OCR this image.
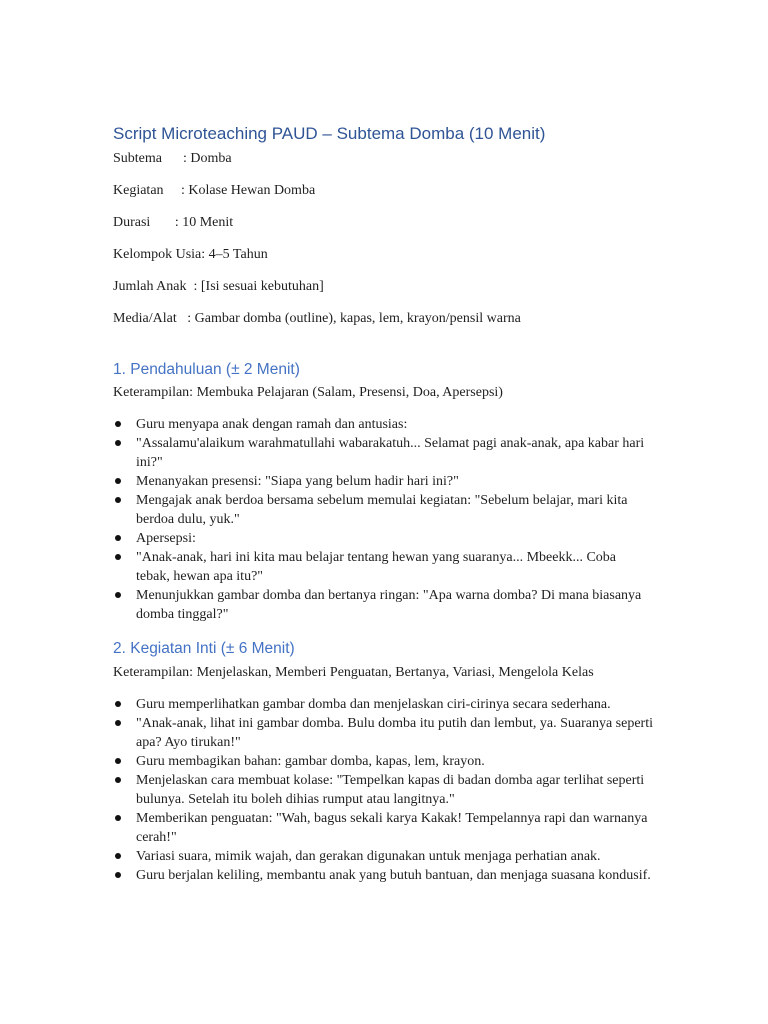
Script Microteaching PAUD – Subtema Domba (10 Menit)
Subtema      : Domba
Kegiatan     : Kolase Hewan Domba
Durasi       : 10 Menit
Kelompok Usia: 4–5 Tahun
Jumlah Anak  : [Isi sesuai kebutuhan]
Media/Alat   : Gambar domba (outline), kapas, lem, krayon/pensil warna
1. Pendahuluan (± 2 Menit)
Keterampilan: Membuka Pelajaran (Salam, Presensi, Doa, Apersepsi)
Guru menyapa anak dengan ramah dan antusias:
"Assalamu'alaikum warahmatullahi wabarakatuh... Selamat pagi anak-anak, apa kabar hari ini?"
Menanyakan presensi: "Siapa yang belum hadir hari ini?"
Mengajak anak berdoa bersama sebelum memulai kegiatan: "Sebelum belajar, mari kita berdoa dulu, yuk."
Apersepsi:
"Anak-anak, hari ini kita mau belajar tentang hewan yang suaranya... Mbeekk... Coba tebak, hewan apa itu?"
Menunjukkan gambar domba dan bertanya ringan: "Apa warna domba? Di mana biasanya domba tinggal?"
2. Kegiatan Inti (± 6 Menit)
Keterampilan: Menjelaskan, Memberi Penguatan, Bertanya, Variasi, Mengelola Kelas
Guru memperlihatkan gambar domba dan menjelaskan ciri-cirinya secara sederhana.
"Anak-anak, lihat ini gambar domba. Bulu domba itu putih dan lembut, ya. Suaranya seperti apa? Ayo tirukan!"
Guru membagikan bahan: gambar domba, kapas, lem, krayon.
Menjelaskan cara membuat kolase: "Tempelkan kapas di badan domba agar terlihat seperti bulunya. Setelah itu boleh dihias rumput atau langitnya."
Memberikan penguatan: "Wah, bagus sekali karya Kakak! Tempelannya rapi dan warnanya cerah!"
Variasi suara, mimik wajah, dan gerakan digunakan untuk menjaga perhatian anak.
Guru berjalan keliling, membantu anak yang butuh bantuan, dan menjaga suasana kondusif.
